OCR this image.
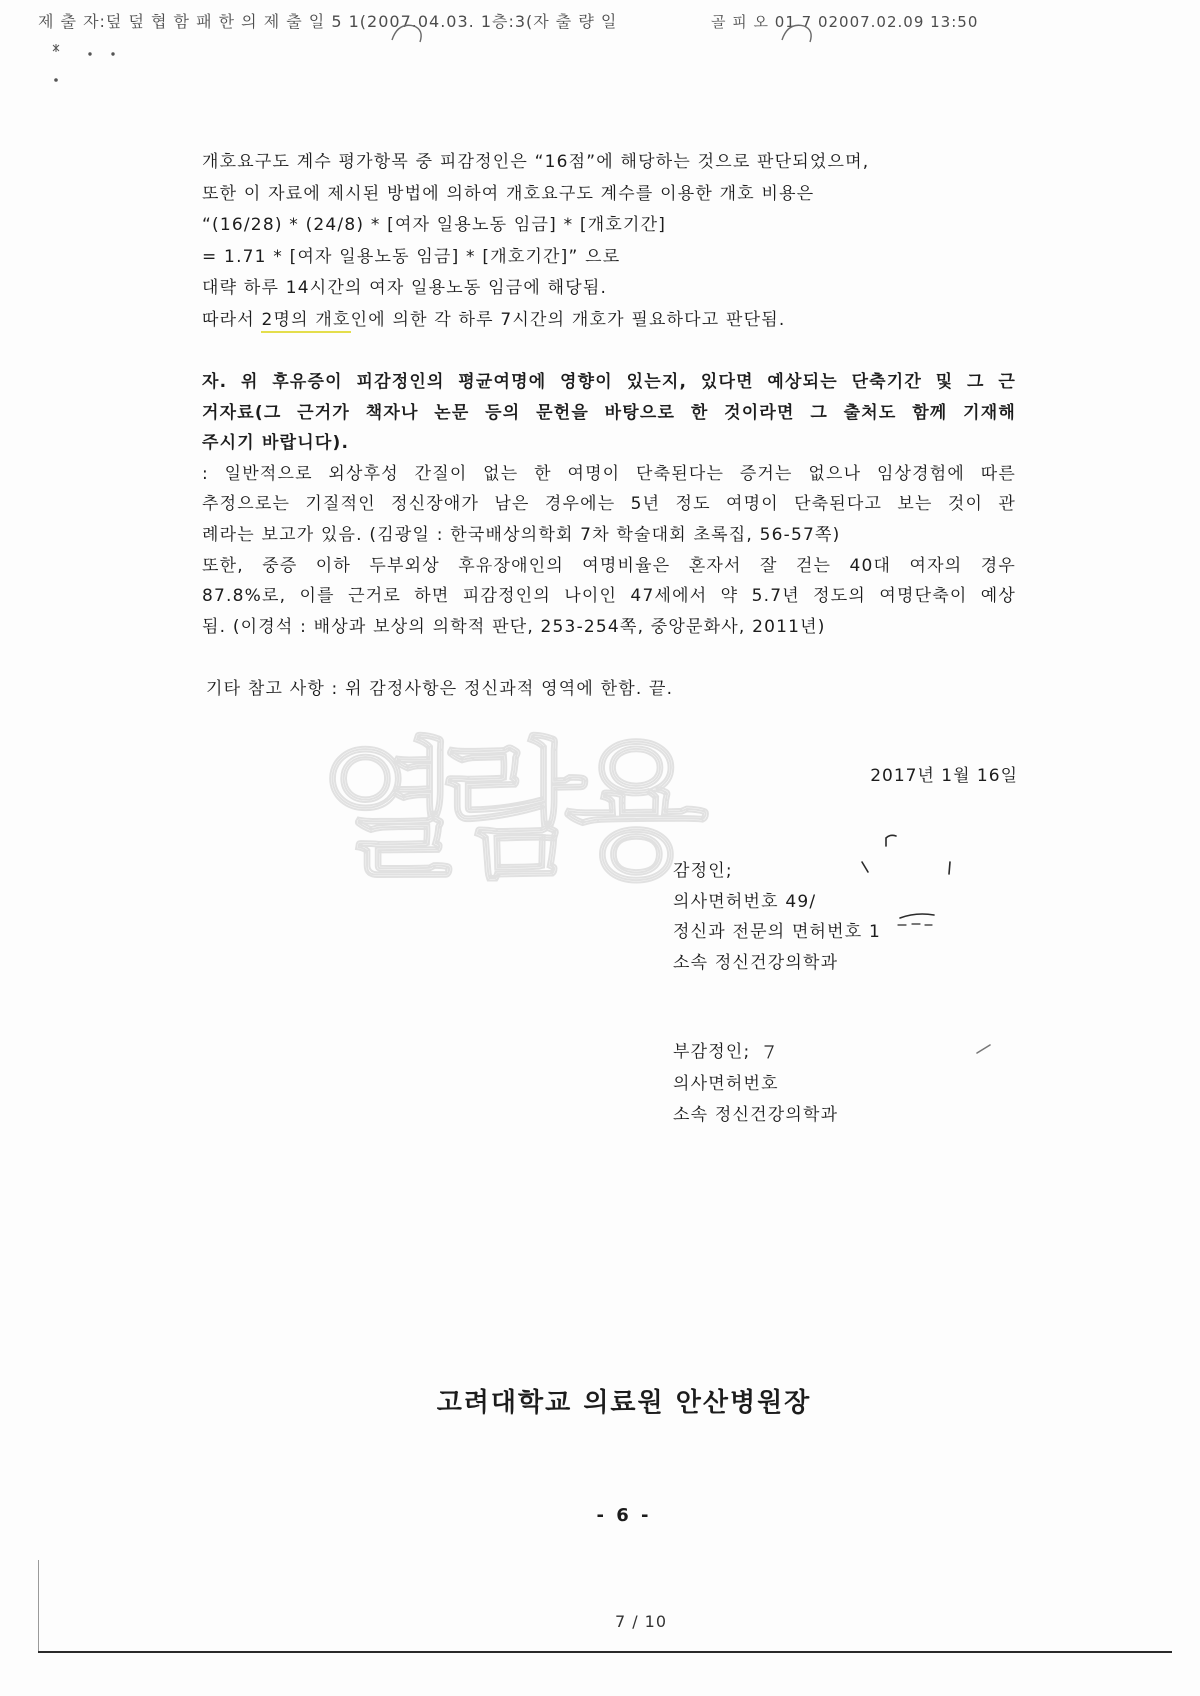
열람용
제 출 자:덮 덮 협 함 패 한 의 제 출 일 5 1(2007.04.03. 1층:3(자 출 량 일	골 피 오 01 7 02007.02.09 13:50
개호요구도 계수 평가항목 중 피감정인은 “16점”에 해당하는 것으로 판단되었으며,
또한 이 자료에 제시된 방법에 의하여 개호요구도 계수를 이용한 개호 비용은
“(16/28) * (24/8) * [여자 일용노동 임금] * [개호기간]
= 1.71 * [여자 일용노동 임금] * [개호기간]” 으로
대략 하루 14시간의 여자 일용노동 임금에 해당됨.
따라서 2명의 개호인에 의한 각 하루 7시간의 개호가 필요하다고 판단됨.
자. 위 후유증이 피감정인의 평균여명에 영향이 있는지, 있다면 예상되는 단축기간 및 그 근
거자료(그 근거가 책자나 논문 등의 문헌을 바탕으로 한 것이라면 그 출처도 함께 기재해
주시기 바랍니다).
: 일반적으로 외상후성 간질이 없는 한 여명이 단축된다는 증거는 없으나 임상경험에 따른
추정으로는 기질적인 정신장애가 남은 경우에는 5년 정도 여명이 단축된다고 보는 것이 관
례라는 보고가 있음. (김광일 : 한국배상의학회 7차 학술대회 초록집, 56-57쪽)
또한, 중증 이하 두부외상 후유장애인의 여명비율은 혼자서 잘 걷는 40대 여자의 경우
87.8%로, 이를 근거로 하면 피감정인의 나이인 47세에서 약 5.7년 정도의 여명단축이 예상
됨. (이경석 : 배상과 보상의 의학적 판단, 253-254쪽, 중앙문화사, 2011년)
기타 참고 사항 : 위 감정사항은 정신과적 영역에 한함. 끝.
2017년 1월 16일
감정인;
의사면허번호 49/
정신과 전문의 면허번호 1
소속 정신건강의학과
부감정인;
의사면허번호
소속 정신건강의학과
고려대학교 의료원 안산병원장
- 6 -
7 / 10
